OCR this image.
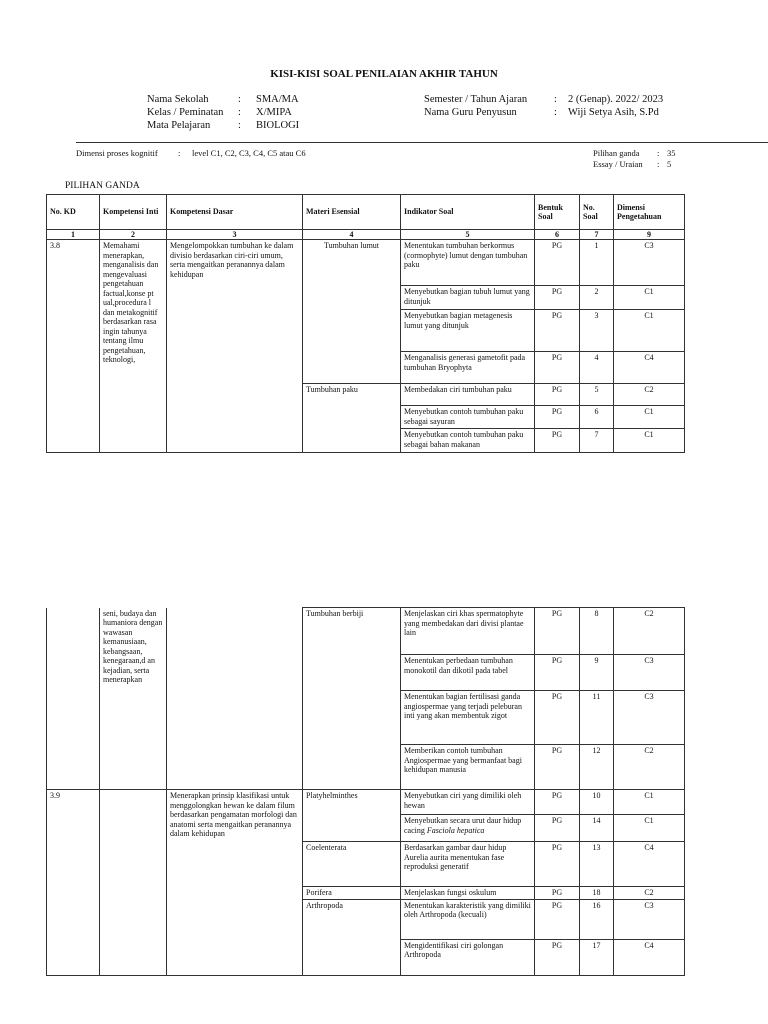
KISI-KISI SOAL PENILAIAN AKHIR TAHUN
Nama Sekolah	: SMA/MA
Kelas / Peminatan : X/MIPA
Mata Pelajaran	: BIOLOGI
Semester / Tahun Ajaran	: 2 (Genap). 2022/ 2023
Nama Guru Penyusun	: Wiji Setya Asih, S.Pd
Dimensi proses kognitif : level C1, C2, C3, C4, C5 atau C6	Pilihan ganda : 35
Essay / Uraian : 5
PILIHAN GANDA
No. KD	Kompetensi Inti	Kompetensi Dasar	Materi Esensial	Indikator Soal	Bentuk Soal	No. Soal	Dimensi Pengetahuan
1	2	3	4	5	6	7	9
3.8	Memahami menerapkan, menganalisis dan mengevaluasi pengetahuan factual,konse pt ual,procedura l dan metakognitif berdasarkan rasa ingin tahunya tentang ilmu pengetahuan, teknologi,	Mengelompokkan tumbuhan ke dalam divisio berdasarkan ciri-ciri umum, serta mengaitkan peranannya dalam kehidupan	Tumbuhan lumut	Menentukan tumbuhan berkormus (cormophyte) lumut dengan tumbuhan paku	PG	1	C3
				Menyebutkan bagian tubuh lumut yang ditunjuk	PG	2	C1
				Menyebutkan bagian metagenesis lumut yang ditunjuk	PG	3	C1
				Menganalisis generasi gametofit pada tumbuhan Bryophyta	PG	4	C4
			Tumbuhan paku	Membedakan ciri tumbuhan paku	PG	5	C2
				Menyebutkan contoh tumbuhan paku sebagai sayuran	PG	6	C1
				Menyebutkan contoh tumbuhan paku sebagai bahan makanan	PG	7	C1
	seni, budaya dan humaniora dengan wawasan kemanusiaan, kebangsaan, kenegaraan,d an kejadian, serta menerapkan		Tumbuhan berbiji	Menjelaskan ciri khas spermatophyte yang membedakan dari divisi plantae lain	PG	8	C2
				Menentukan perbedaan tumbuhan monokotil dan dikotil pada tabel	PG	9	C3
				Menentukan bagian fertilisasi ganda angiospermae yang terjadi peleburan inti yang akan membentuk zigot	PG	11	C3
				Memberikan contoh tumbuhan Angiospermae yang bermanfaat bagi kehidupan manusia	PG	12	C2
3.9		Menerapkan prinsip klasifikasi untuk menggolongkan hewan ke dalam filum berdasarkan pengamatan morfologi dan anatomi serta mengaitkan peranannya dalam kehidupan	Platyhelminthes	Menyebutkan ciri yang dimiliki oleh hewan	PG	10	C1
				Menyebutkan secara urut daur hidup cacing Fasciola hepatica	PG	14	C1
			Coelenterata	Berdasarkan gambar daur hidup Aurelia aurita menentukan fase reproduksi generatif	PG	13	C4
			Porifera	Menjelaskan fungsi oskulum	PG	18	C2
			Arthropoda	Menentukan karakteristik yang dimiliki oleh Arthropoda (kecuali)	PG	16	C3
				Mengidentifikasi ciri golongan Arthropoda	PG	17	C4
